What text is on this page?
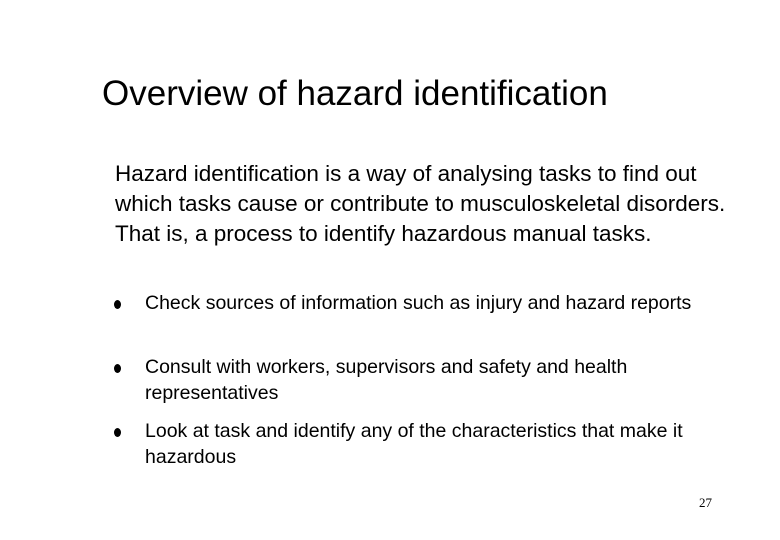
Overview of hazard identification

Hazard identification is a way of analysing tasks to find out which tasks cause or contribute to musculoskeletal disorders. That is, a process to identify hazardous manual tasks.

Check sources of information such as injury and hazard reports
Consult with workers, supervisors and safety and health representatives
Look at task and identify any of the characteristics that make it hazardous
27
